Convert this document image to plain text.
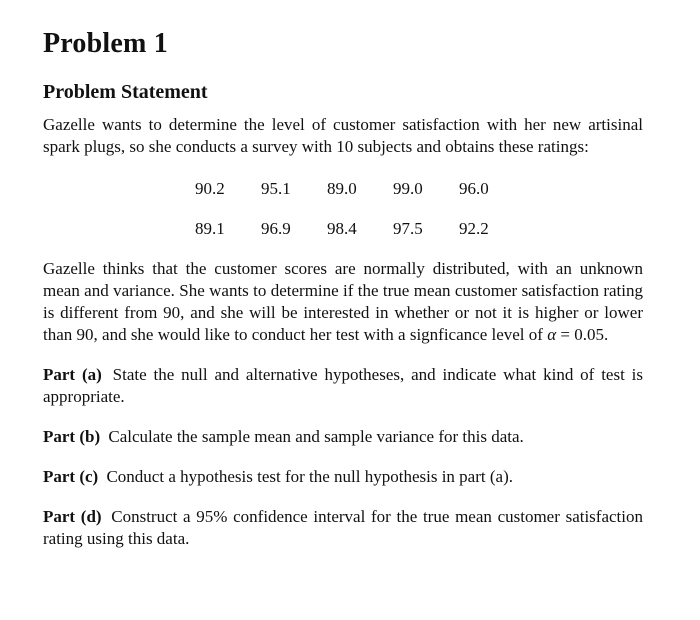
Problem 1
Problem Statement

Gazelle wants to determine the level of customer satisfaction with her new artisinal spark plugs, so she conducts a survey with 10 subjects and obtains these ratings:

90.2	95.1	89.0	99.0	96.0
89.1	96.9	98.4	97.5	92.2

Gazelle thinks that the customer scores are normally distributed, with an unknown mean and variance. She wants to determine if the true mean customer satisfaction rating is different from 90, and she will be interested in whether or not it is higher or lower than 90, and she would like to conduct her test with a signficance level of α = 0.05.

Part (a) State the null and alternative hypotheses, and indicate what kind of test is appropriate.

Part (b) Calculate the sample mean and sample variance for this data.

Part (c) Conduct a hypothesis test for the null hypothesis in part (a).

Part (d) Construct a 95% confidence interval for the true mean customer satisfaction rating using this data.
